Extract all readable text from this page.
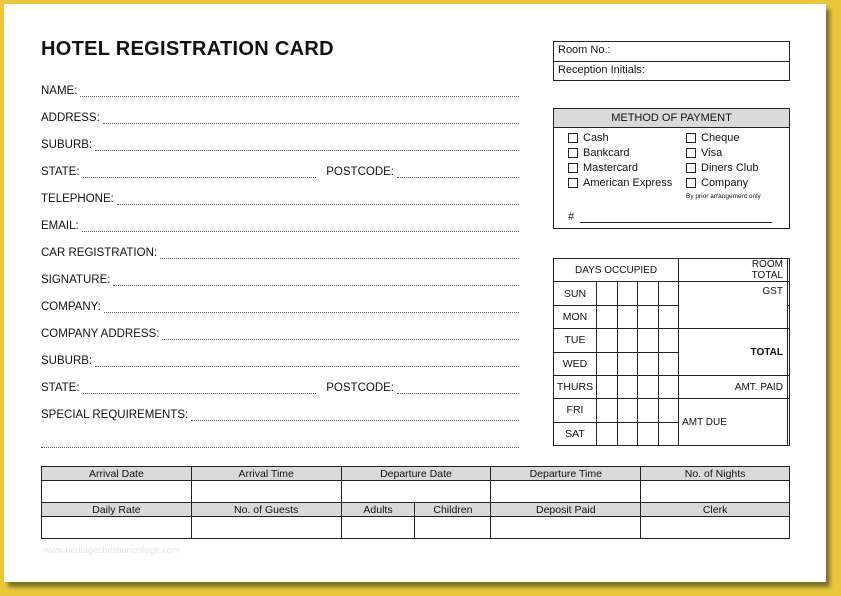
HOTEL REGISTRATION CARD
NAME:
ADDRESS:
SUBURB:
STATE:	POSTCODE:
TELEPHONE:
EMAIL:
CAR REGISTRATION:
SIGNATURE:
COMPANY:
COMPANY ADDRESS:
SUBURB:
STATE:	POSTCODE:
SPECIAL REQUIREMENTS:
Room No.:
Reception Initials:
METHOD OF PAYMENT
Cash
Bankcard
Mastercard
American Express
Cheque
Visa
Diners Club
Company
By prior arrangement only
#
DAYS OCCUPIED					ROOM
TOTAL	
SUN					GST	
MON						
TUE					TOTAL	
WED						
THURS					AMT. PAID	
FRI					AMT DUE	
SAT						
Arrival Date	Arrival Time	Departure Date		Departure Time	No. of Nights

Daily Rate	No. of Guests	Adults	Children	Deposit Paid	Clerk

www.heritagechristiancollege.com
